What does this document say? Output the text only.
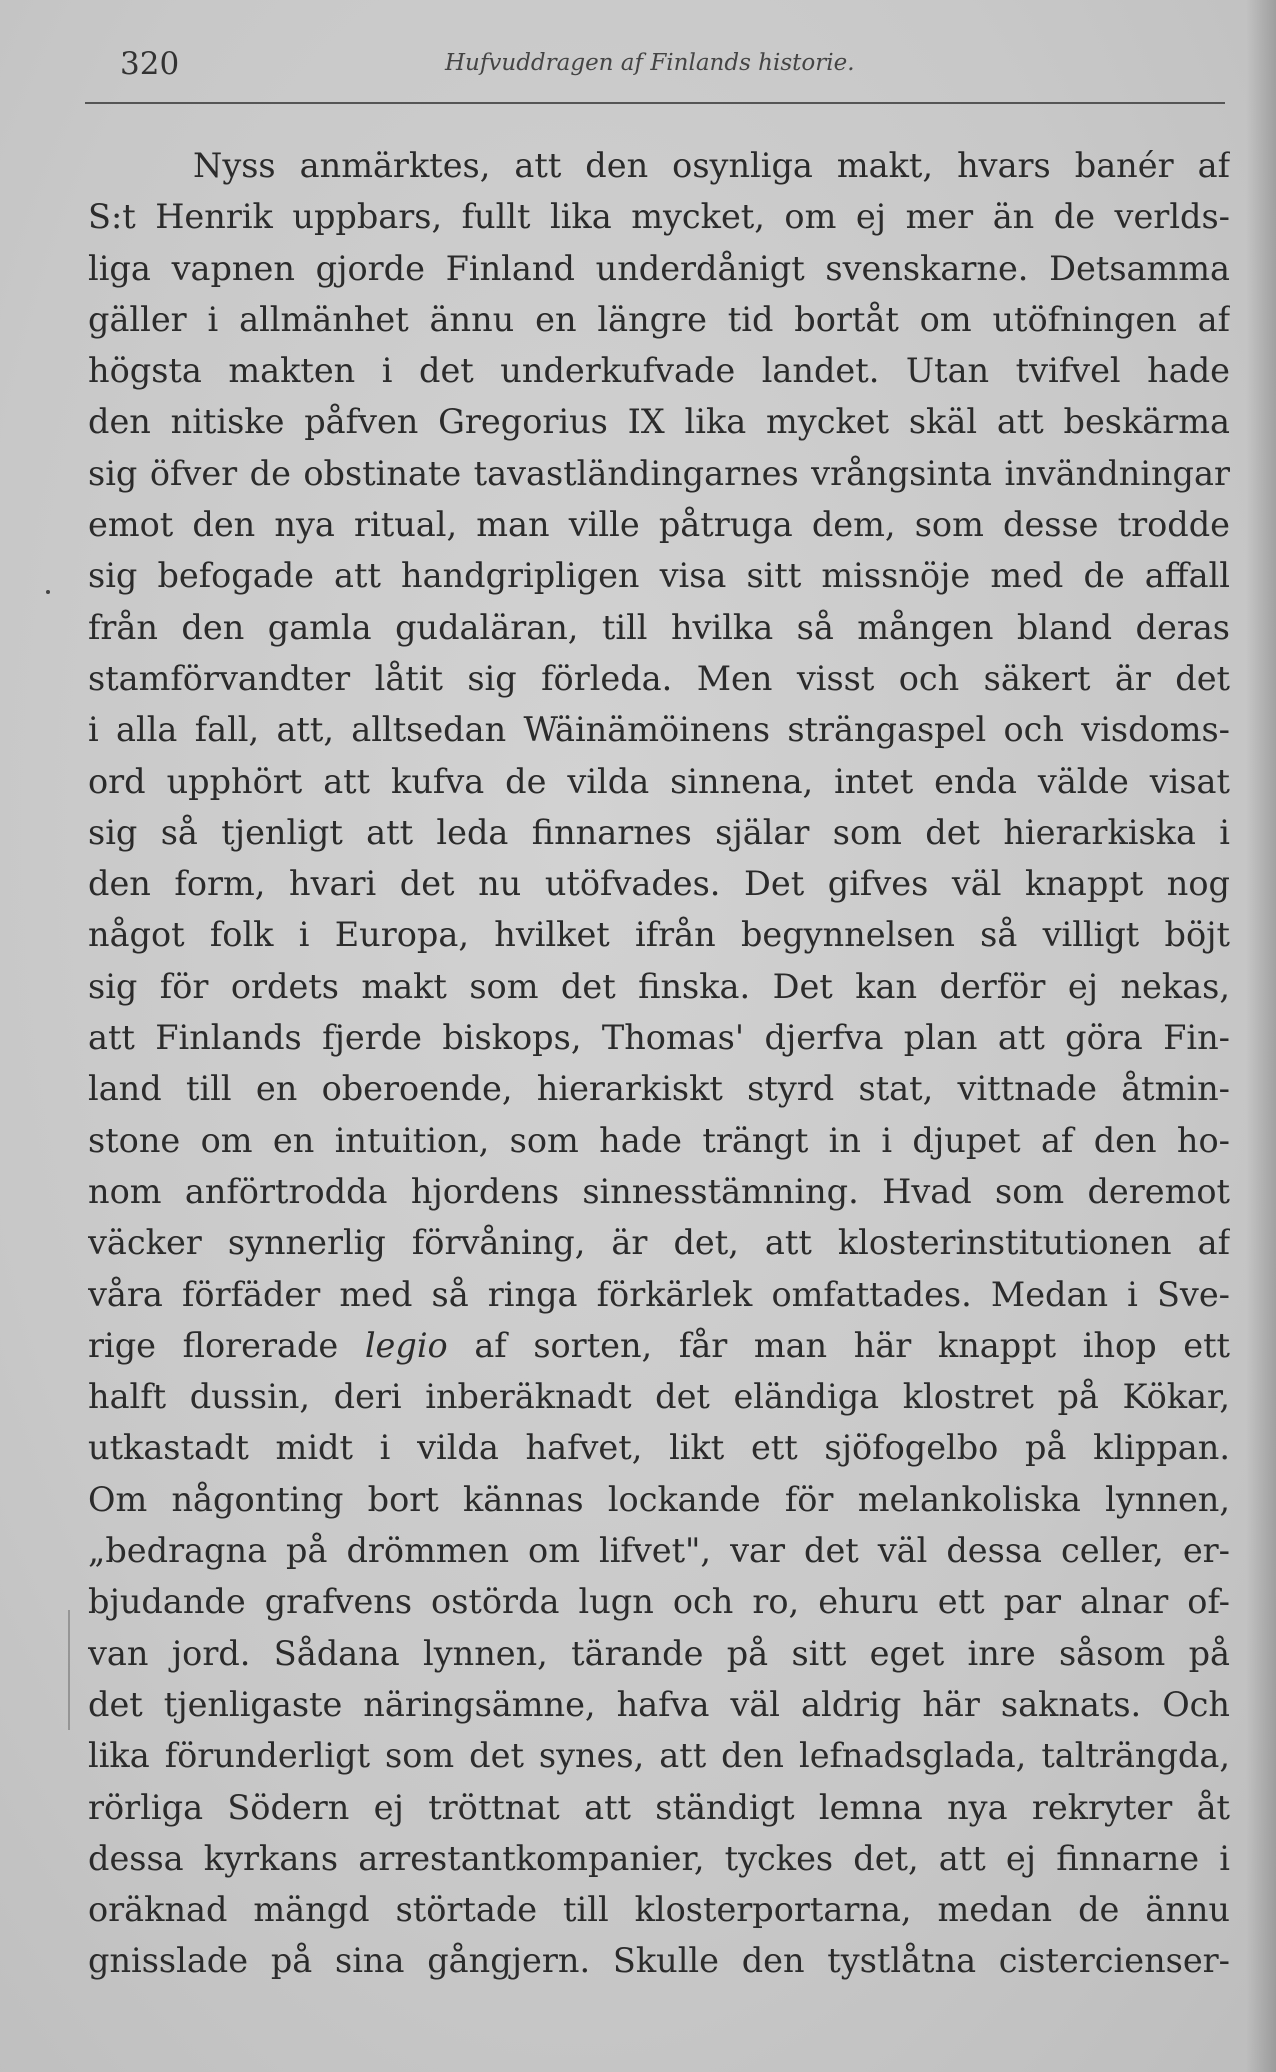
320	Hufvuddragen af Finlands historie.
Nyss anmärktes, att den osynliga makt, hvars banér af
S:t Henrik uppbars, fullt lika mycket, om ej mer än de verlds-
liga vapnen gjorde Finland underdånigt svenskarne. Detsamma
gäller i allmänhet ännu en längre tid bortåt om utöfningen af
högsta makten i det underkufvade landet. Utan tvifvel hade
den nitiske påfven Gregorius IX lika mycket skäl att beskärma
sig öfver de obstinate tavastländingarnes vrångsinta invändningar
emot den nya ritual, man ville påtruga dem, som desse trodde
sig befogade att handgripligen visa sitt missnöje med de affall
från den gamla gudaläran, till hvilka så mången bland deras
stamförvandter låtit sig förleda. Men visst och säkert är det
i alla fall, att, alltsedan Wäinämöinens strängaspel och visdoms-
ord upphört att kufva de vilda sinnena, intet enda välde visat
sig så tjenligt att leda finnarnes själar som det hierarkiska i
den form, hvari det nu utöfvades. Det gifves väl knappt nog
något folk i Europa, hvilket ifrån begynnelsen så villigt böjt
sig för ordets makt som det finska. Det kan derför ej nekas,
att Finlands fjerde biskops, Thomas' djerfva plan att göra Fin-
land till en oberoende, hierarkiskt styrd stat, vittnade åtmin-
stone om en intuition, som hade trängt in i djupet af den ho-
nom anförtrodda hjordens sinnesstämning. Hvad som deremot
väcker synnerlig förvåning, är det, att klosterinstitutionen af
våra förfäder med så ringa förkärlek omfattades. Medan i Sve-
rige florerade legio af sorten, får man här knappt ihop ett
halft dussin, deri inberäknadt det eländiga klostret på Kökar,
utkastadt midt i vilda hafvet, likt ett sjöfogelbo på klippan.
Om någonting bort kännas lockande för melankoliska lynnen,
„bedragna på drömmen om lifvet", var det väl dessa celler, er-
bjudande grafvens ostörda lugn och ro, ehuru ett par alnar of-
van jord. Sådana lynnen, tärande på sitt eget inre såsom på
det tjenligaste näringsämne, hafva väl aldrig här saknats. Och
lika förunderligt som det synes, att den lefnadsglada, talträngda,
rörliga Södern ej tröttnat att ständigt lemna nya rekryter åt
dessa kyrkans arrestantkompanier, tyckes det, att ej finnarne i
oräknad mängd störtade till klosterportarna, medan de ännu
gnisslade på sina gångjern. Skulle den tystlåtna cistercienser-
